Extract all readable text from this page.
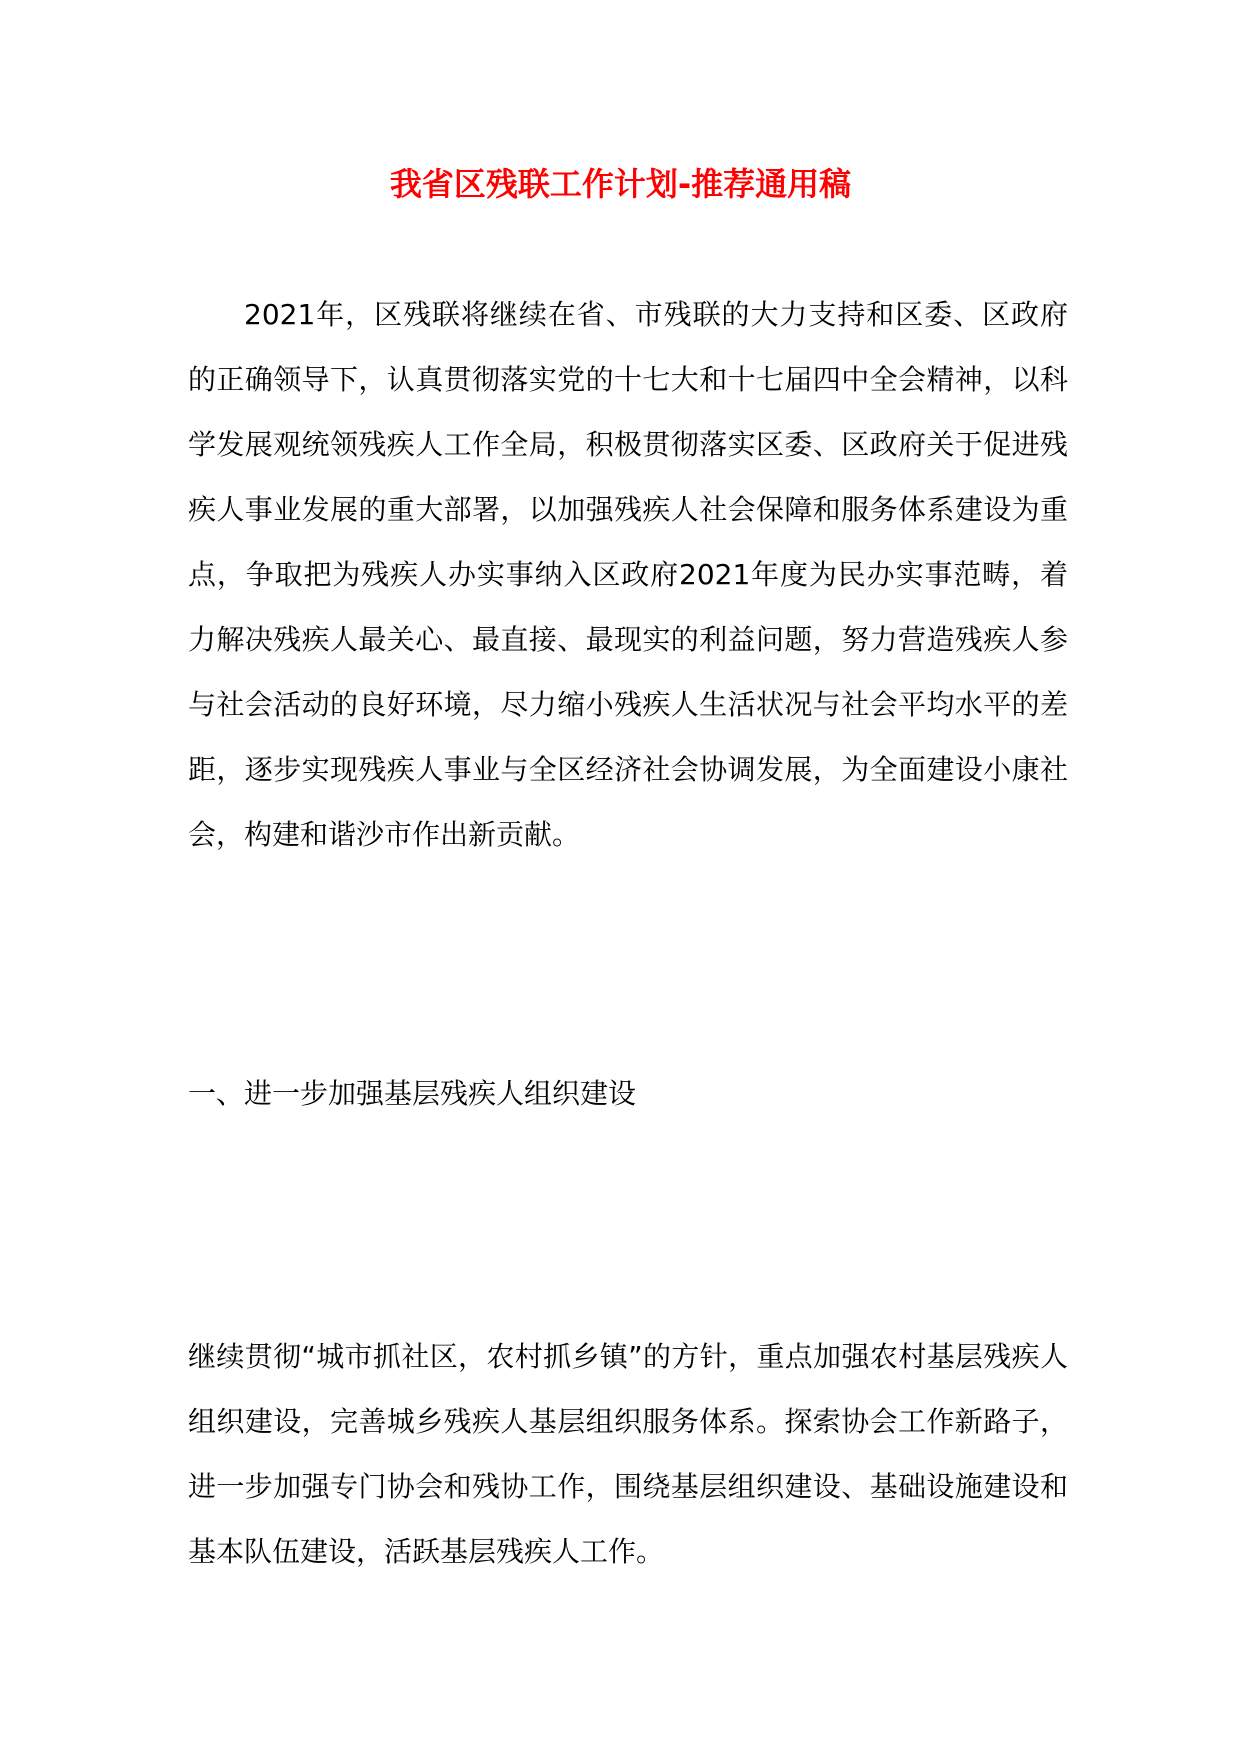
我省区残联工作计划-推荐通用稿

2021年，区残联将继续在省、市残联的大力支持和区委、区政府的正确领导下，认真贯彻落实党的十七大和十七届四中全会精神，以科学发展观统领残疾人工作全局，积极贯彻落实区委、区政府关于促进残疾人事业发展的重大部署，以加强残疾人社会保障和服务体系建设为重点，争取把为残疾人办实事纳入区政府2021年度为民办实事范畴，着力解决残疾人最关心、最直接、最现实的利益问题，努力营造残疾人参与社会活动的良好环境，尽力缩小残疾人生活状况与社会平均水平的差距，逐步实现残疾人事业与全区经济社会协调发展，为全面建设小康社会，构建和谐沙市作出新贡献。

一、进一步加强基层残疾人组织建设

继续贯彻“城市抓社区，农村抓乡镇”的方针，重点加强农村基层残疾人组织建设，完善城乡残疾人基层组织服务体系。探索协会工作新路子，进一步加强专门协会和残协工作，围绕基层组织建设、基础设施建设和基本队伍建设，活跃基层残疾人工作。
